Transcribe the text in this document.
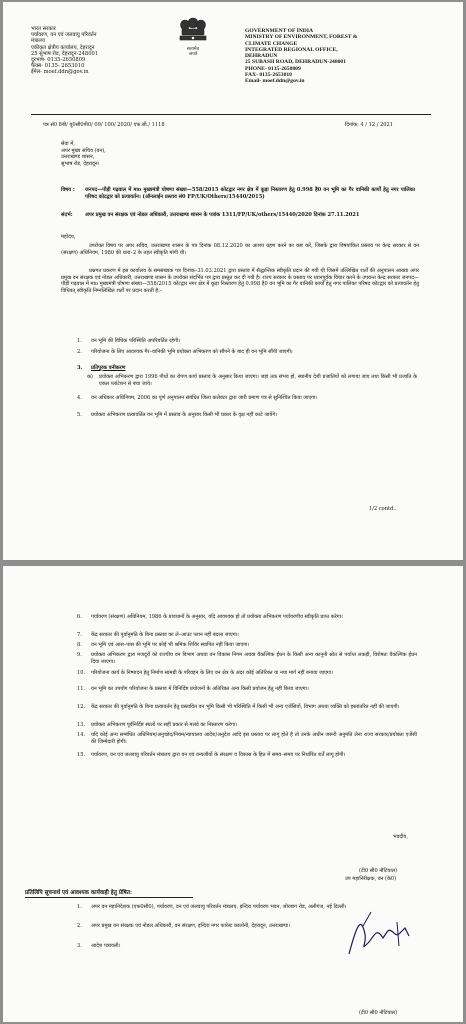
भारत सरकार
पर्यावरण, वन एवं जलवायु परिवर्तन
मंत्रालय
एकीकृत क्षेत्रीय कार्यालय, देहरादून
25 सुभाष रोड, देहरादून-248001
दूरभाष- 0135-2650809
फैक्स- 0135- 2653010
ईमेल- moef.ddn@gov.in
सत्यमेव
जयते
GOVERNMENT OF INDIA
MINISTRY OF ENVIRONMENT, FOREST &
CLIMATE CHANGE
INTEGRATED REGIONAL OFFICE,
DEHRADUN
25 SUBASH ROAD, DEHRADUN-248001
PHONE- 0135-2650809
FAX- 0135-2653010
Email- moef.ddn@gov.in
पत्र सं0 8बी/ यू0सी0पी0/ 09/ 100/ 2020/ एफ.सी./ 1118	दिनांक: 4 / 12 / 2021
सेवा में,
अपर मुख्य सचिव (वन),
उत्तराखण्ड शासन,
सुभाष रोड, देहरादून।
विषय : जनपद—पौड़ी गढ़वाल में माo मुख्यमंत्री घोषणा संख्या—558/2015 कोटद्वार नगर क्षेत्र में कूड़ा निस्तारण हेतु 0.998 है0 वन भूमि का गैर वानिकी कार्यों हेतु नगर पालिका परिषद कोटद्वार को प्रत्यावर्तन। (ऑनलाईन प्रस्ताव सं0 FP/UK/Others/15440/2015)
संदर्भ: अपर प्रमुख वन संरक्षक एवं नोडल अधिकारी, उत्तराखण्ड शासन के पत्रांक 1311/FP/UK/others/15440/2020 दिनांक 27.11.2021
महोदय,
उपरोक्त विषय पर अपर सचिव, उत्तराखण्ड शासन के पत्र दिनांक 08.12.2020 का आशय ग्रहण करने का कष्ट करें, जिसके द्वारा विषयांकित प्रस्ताव पर केन्द्र सरकार से वन (संरक्षण) अधिनियम, 1980 की धारा–2 के तहत स्वीकृति मांगी थी।
प्रश्नगत प्रकरण में इस कार्यालय के समसंख्यक पत्र दिनांक–31.03.2021 द्वारा प्रस्ताव में सैद्धान्तिक स्वीकृति प्रदान की गयी थी जिसमें उल्लिखित शर्तों की अनुपालन आख्या अपर प्रमुख वन संरक्षक एवं नोडल अधिकारी, उत्तराखण्ड शासन के उपरोक्त संदर्भित पत्र द्वारा प्रस्तुत कर दी गयी है। राज्य सरकार के प्रस्ताव पर ध्यानपूर्वक विचार करने के उपरान्त केन्द्र सरकार जनपद—पौड़ी गढ़वाल में माo मुख्यमंत्री घोषणा संख्या—558/2015 कोटद्वार नगर क्षेत्र में कूड़ा निस्तारण हेतु 0.998 है0 वन भूमि का गैर वानिकी कार्यों हेतु नगर पालिका परिषद कोटद्वार को प्रत्यावर्तन हेतु विधिवत् स्वीकृति निम्नलिखित शर्तों पर प्रदान करती है:–
1. वन भूमि की विधिक परिस्थिति अपरिवर्तित रहेगी।
2. परियोजना के लिए आवश्यक गैर–वानिकी भूमि प्रयोक्ता अभिकरण को सौंपने के बाद ही वन भूमि सौंपी जाएगी।
3. प्रतिपूरक वनीकरण
क) प्रयोक्ता अभिकरण द्वारा 1996 पौधों का रोपण कार्य प्रस्ताव के अनुसार किया जाएगा। जहां तक संभव हो, स्थानीय देशी प्रजातियों को लगाया जाए तथा किसी भी प्रजाति के एकल प्लांटेशन से बचा जाये।
4. वन अधिकार अधिनियम, 2006 का पूर्ण अनुपालन संबंधित जिला कलेक्टर द्वारा जारी प्रमाण पत्र से सुनिश्चित किया जाएगा।
5. प्रयोक्ता अभिकरण प्रत्यावर्तित वन भूमि में प्रस्ताव के अनुसार किसी भी प्रकार के वृक्ष नहीं काटे जायेंगे।
1/2 contd..
6. पर्यावरण (संरक्षण) अधिनियम, 1986 के प्रावधानों के अनुसार, यदि आवश्यक हो तो प्रयोक्ता अभिकरण पर्यावरणीय स्वीकृति प्राप्त करेगा।
7. केंद्र सरकार की पूर्वानुमति के बिना प्रस्ताव का ले–आउट प्लान नहीं बदला जाएगा।
8. वन भूमि एवं आस–पास की भूमि पर कोई भी श्रमिक शिविर स्थापित नहीं किया जाएगा।
9. प्रयोक्ता अभिकरण द्वारा मजदूरों को राज्यीय वन विभाग अथवा वन विकास निगम अथवा वैकल्पिक ईंधन के किसी अन्य कानूनी स्रोत से पर्याप्त लकड़ी, विशेषतः वैकल्पिक ईंधन दिया जाएगा।
10. परियोजना कार्य के निष्पादन हेतु निर्माण सामग्री के परिवहन के लिए वन क्षेत्र के अंदर कोई अतिरिक्त या नया मार्ग नहीं बनाया जाएगा।
11. वन भूमि का उपयोग परियोजना के प्रस्ताव में विनिर्दिष्ट प्रयोजनों के अतिरिक्त अन्य किसी प्रयोजन हेतु नहीं किया जाएगा।
12. केंद्र सरकार की पूर्वानुमति के बिना प्रत्यावर्तन हेतु प्रस्तावित वन भूमि किसी भी परिस्थिति में किसी भी अन्य एजेंसियों, विभाग अथवा व्यक्ति को हस्तांतरित नहीं की जाएगी।
13. प्रयोक्ता अभिकरण पूर्वनिर्दिष्ट स्थलों पर सही प्रकार से मलवे का निस्तारण करेगा।
14. यदि कोई अन्य सम्बंधित अधिनियम/अनुच्छेद/नियम/न्यायालय आदेश/अनुदेश आदि इस प्रस्ताव पर लागू होते है तो उनके अधीन जरूरी अनुमति लेना राज्य सरकार/प्रयोक्ता एजेंसी की जिम्मेदारी होगी।
15. पर्यावरण, वन एवं जलवायु परिवर्तन मंत्रालय द्वारा वन एवं वन्यजीवों के संरक्षण व विकास के हित में समय–समय पर निर्धारित शर्तें लागू होगी।
भवदीय,
(टी0 सी0 नौटियाल)
उप महानिरीक्षक, वन (के0)
प्रतिलिपि सूचनार्थ एवं आवश्यक कार्यवाही हेतु प्रेषित:
1. अपर वन महानिदेशक (एफ0सी0), पर्यावरण, वन एवं जलवायु परिवर्तन मंत्रालय, इन्दिरा पर्यावरण भवन, जोरबाग रोड, अलीगंज, नई दिल्ली।
2. अपर प्रमुख वन संरक्षक एवं नोडल अधिकारी, वन संरक्षण, इन्दिरा नगर फारेस्ट कालोनी, देहरादून, उत्तराखण्ड।
3. आदेश पत्रावली।
(टी0 सी0 नौटियाल)
